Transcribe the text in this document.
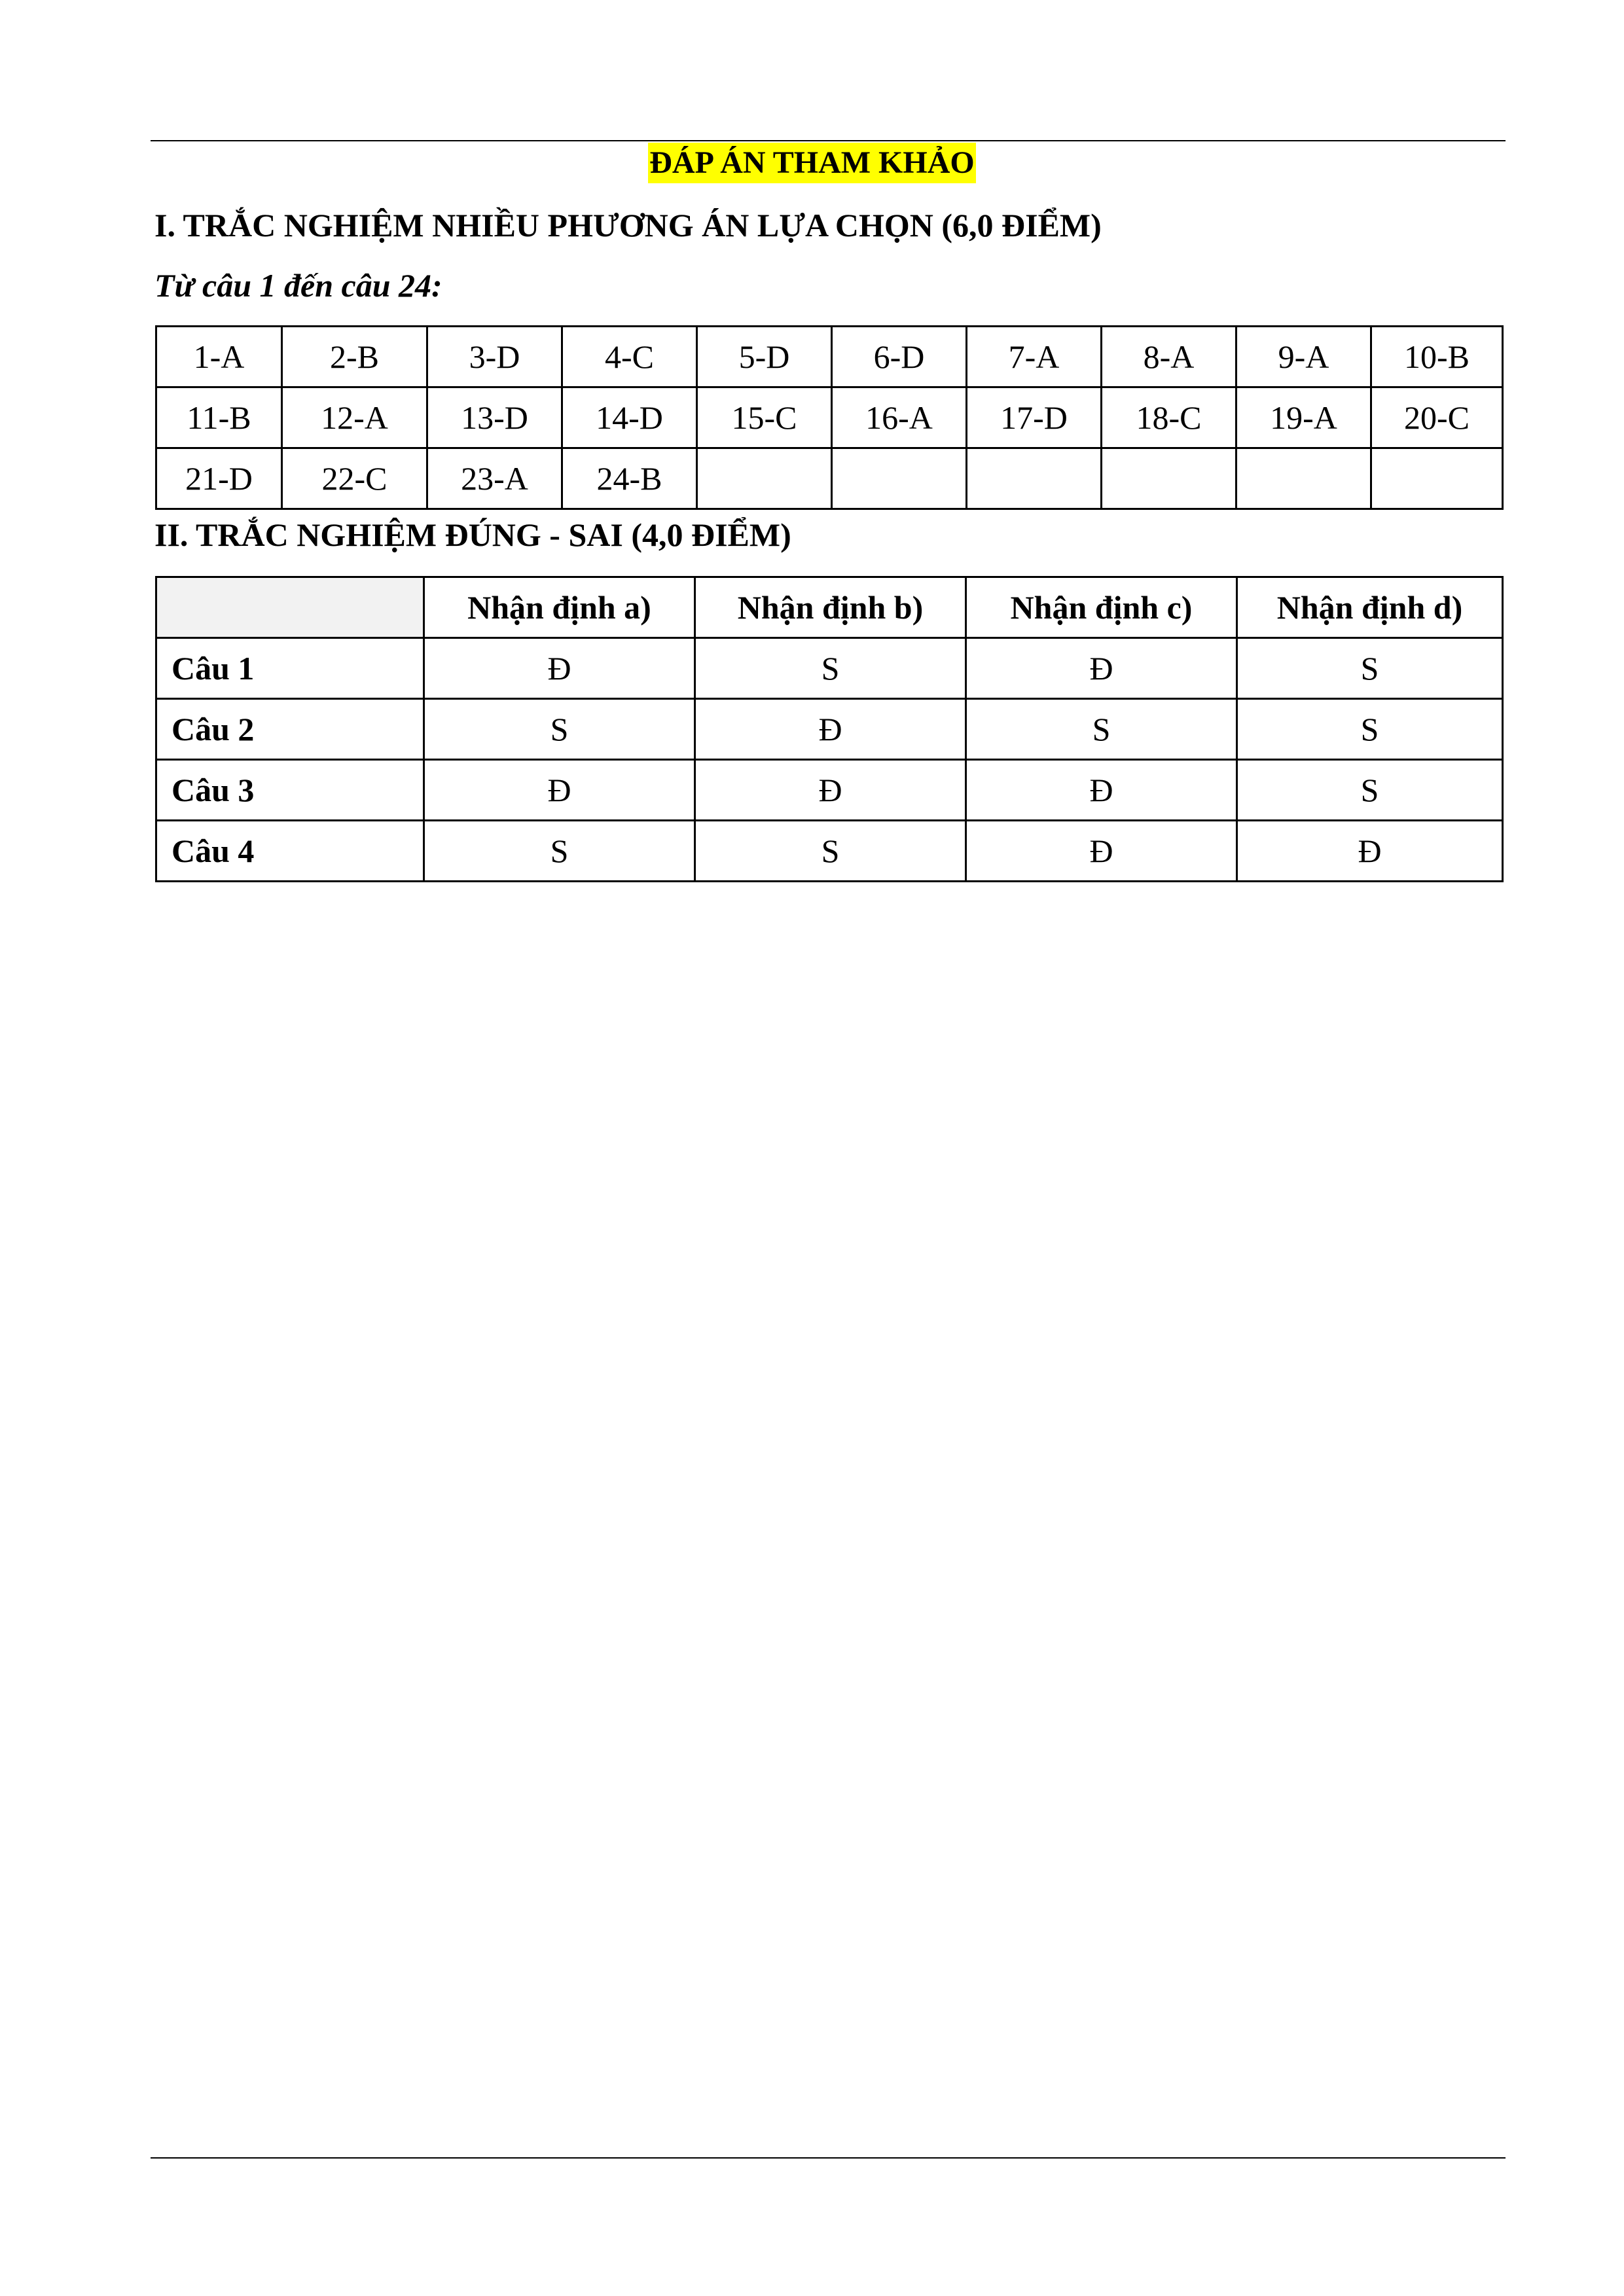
ĐÁP ÁN THAM KHẢO
I. TRẮC NGHIỆM NHIỀU PHƯƠNG ÁN LỰA CHỌN (6,0 ĐIỂM)
Từ câu 1 đến câu 24:
1-A	2-B	3-D	4-C	5-D	6-D	7-A	8-A	9-A	10-B
11-B	12-A	13-D	14-D	15-C	16-A	17-D	18-C	19-A	20-C
21-D	22-C	23-A	24-B						
II. TRẮC NGHIỆM ĐÚNG - SAI (4,0 ĐIỂM)
	Nhận định a)	Nhận định b)	Nhận định c)	Nhận định d)
Câu 1	Đ	S	Đ	S
Câu 2	S	Đ	S	S
Câu 3	Đ	Đ	Đ	S
Câu 4	S	S	Đ	Đ
